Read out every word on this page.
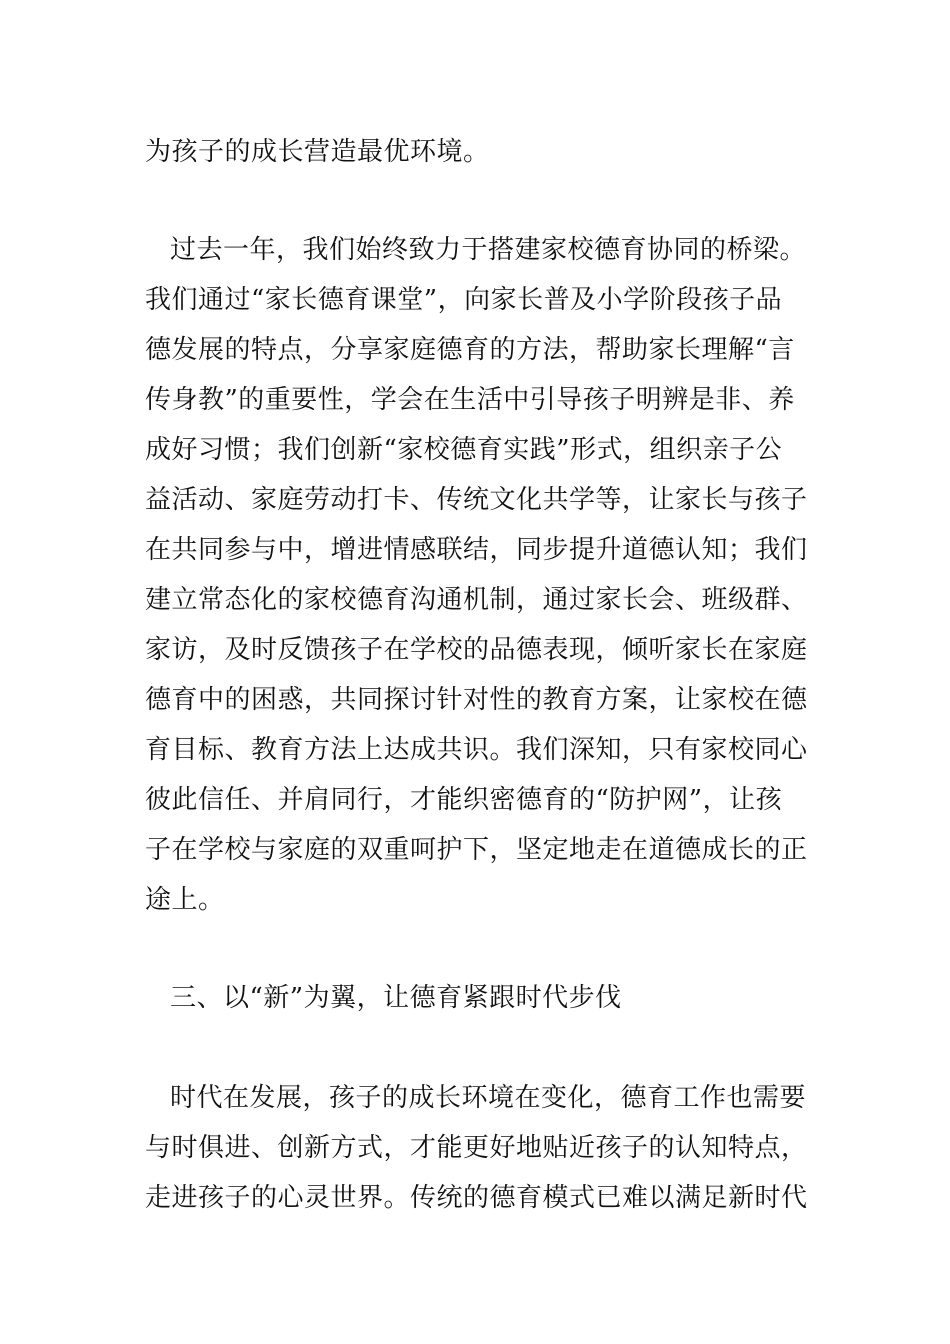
为孩子的成长营造最优环境。
过去一年，我们始终致力于搭建家校德育协同的桥梁。
我们通过“家长德育课堂”，向家长普及小学阶段孩子品
德发展的特点，分享家庭德育的方法，帮助家长理解“言
传身教”的重要性，学会在生活中引导孩子明辨是非、养
成好习惯；我们创新“家校德育实践”形式，组织亲子公
益活动、家庭劳动打卡、传统文化共学等，让家长与孩子
在共同参与中，增进情感联结，同步提升道德认知；我们
建立常态化的家校德育沟通机制，通过家长会、班级群、
家访，及时反馈孩子在学校的品德表现，倾听家长在家庭
德育中的困惑，共同探讨针对性的教育方案，让家校在德
育目标、教育方法上达成共识。我们深知，只有家校同心
彼此信任、并肩同行，才能织密德育的“防护网”，让孩
子在学校与家庭的双重呵护下，坚定地走在道德成长的正
途上。
三、以“新”为翼，让德育紧跟时代步伐
时代在发展，孩子的成长环境在变化，德育工作也需要
与时俱进、创新方式，才能更好地贴近孩子的认知特点，
走进孩子的心灵世界。传统的德育模式已难以满足新时代
